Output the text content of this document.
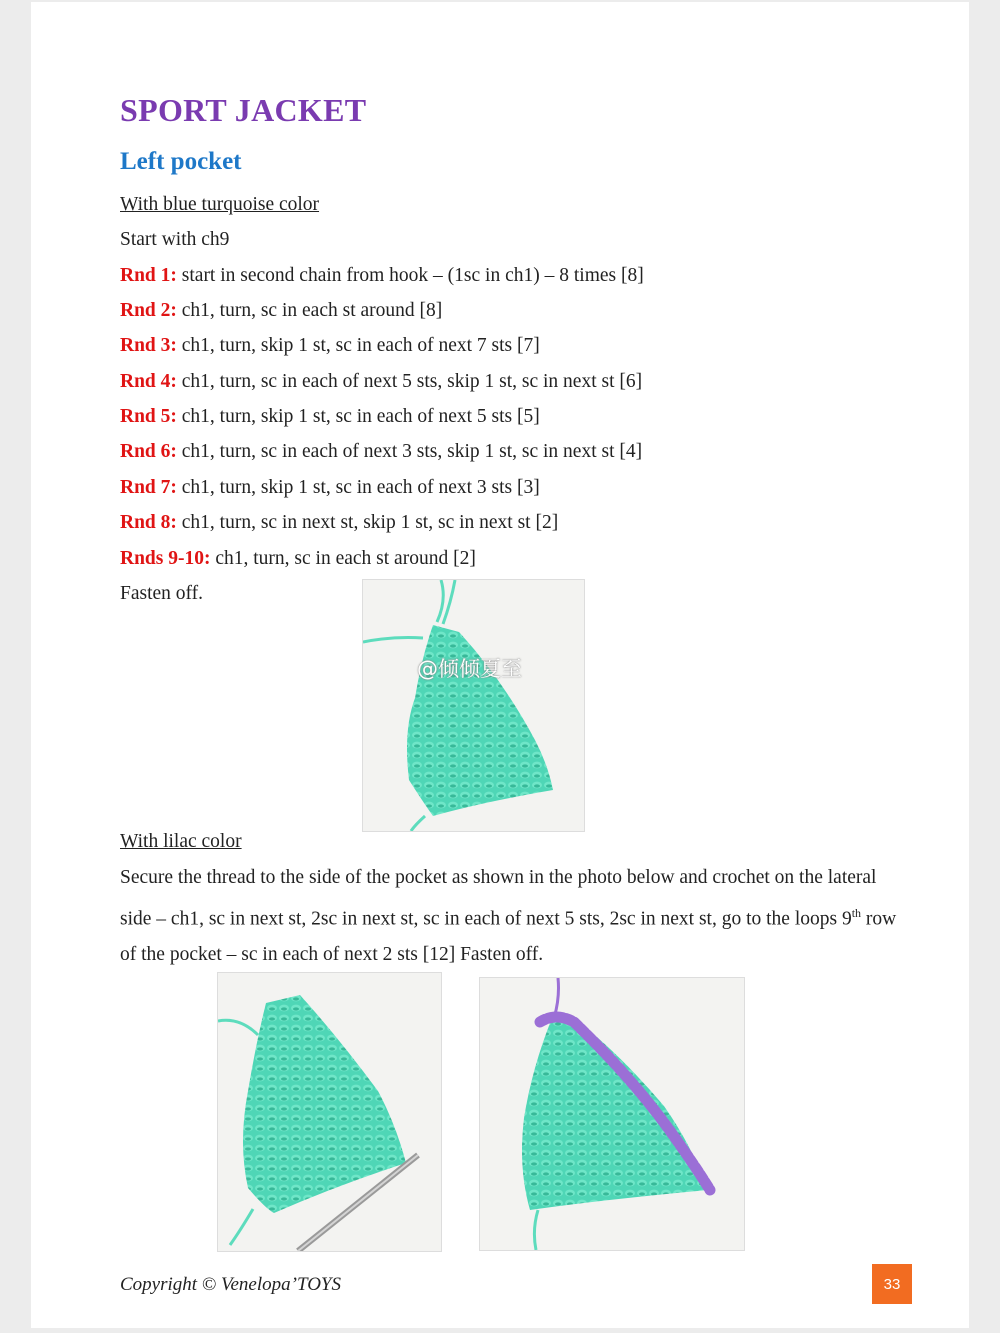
SPORT JACKET
Left pocket
With blue turquoise color
Start with ch9
Rnd 1: start in second chain from hook – (1sc in ch1) – 8 times [8]
Rnd 2: ch1, turn, sc in each st around [8]
Rnd 3: ch1, turn, skip 1 st, sc in each of next 7 sts [7]
Rnd 4: ch1, turn, sc in each of next 5 sts, skip 1 st, sc in next st [6]
Rnd 5: ch1, turn, skip 1 st, sc in each of next 5 sts [5]
Rnd 6: ch1, turn, sc in each of next 3 sts, skip 1 st, sc in next st [4]
Rnd 7: ch1, turn, skip 1 st, sc in each of next 3 sts [3]
Rnd 8: ch1, turn, sc in next st, skip 1 st, sc in next st [2]
Rnds 9-10: ch1, turn, sc in each st around [2]
Fasten off.
@倾倾夏至
With lilac color
Secure the thread to the side of the pocket as shown in the photo below and crochet on the lateral side – ch1, sc in next st, 2sc in next st, sc in each of next 5 sts, 2sc in next st, go to the loops 9th row of the pocket – sc in each of next 2 sts [12] Fasten off.
Copyright © Venelopa’TOYS	33
